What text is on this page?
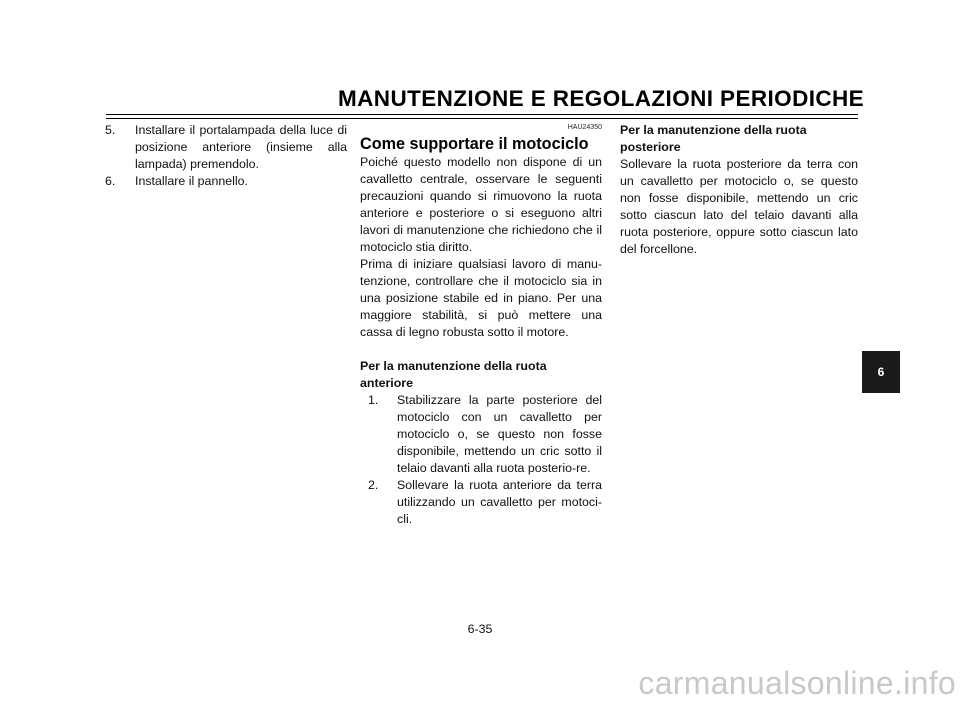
MANUTENZIONE E REGOLAZIONI PERIODICHE
5. Installare il portalampada della luce di posizione anteriore (insieme alla lampada) premendolo.
6. Installare il pannello.
HAU24350
Come supportare il motociclo

Poiché questo modello non dispone di un cavalletto centrale, osservare le seguenti precauzioni quando si rimuovono la ruota anteriore e posteriore o si eseguono altri lavori di manutenzione che richiedono che il motociclo stia diritto.

Prima di iniziare qualsiasi lavoro di manu-tenzione, controllare che il motociclo sia in una posizione stabile ed in piano. Per una maggiore stabilità, si può mettere una cassa di legno robusta sotto il motore.

Per la manutenzione della ruota anteriore
1. Stabilizzare la parte posteriore del motociclo con un cavalletto per motociclo o, se questo non fosse disponibile, mettendo un cric sotto il telaio davanti alla ruota posterio-re.
2. Sollevare la ruota anteriore da terra utilizzando un cavalletto per motoci-cli.
Per la manutenzione della ruota posteriore

Sollevare la ruota posteriore da terra con un cavalletto per motociclo o, se questo non fosse disponibile, mettendo un cric sotto ciascun lato del telaio davanti alla ruota posteriore, oppure sotto ciascun lato del forcellone.

6
6-35
carmanualsonline.info
